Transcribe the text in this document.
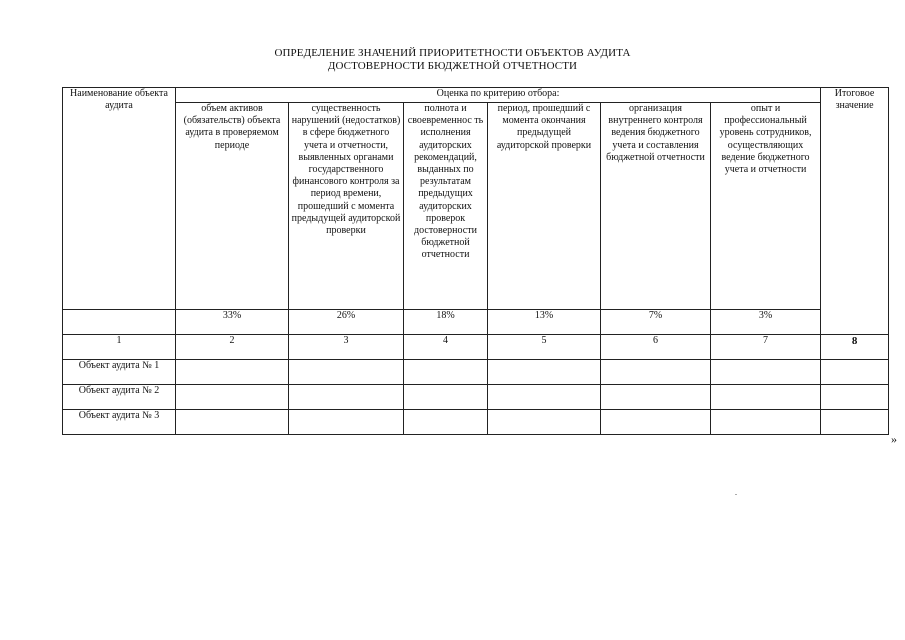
ОПРЕДЕЛЕНИЕ ЗНАЧЕНИЙ ПРИОРИТЕТНОСТИ ОБЪЕКТОВ АУДИТА
ДОСТОВЕРНОСТИ БЮДЖЕТНОЙ ОТЧЕТНОСТИ
Наименование объекта аудита	Оценка по критерию отбора:						Итоговое значение
	объем активов (обязательств) объекта аудита в проверяемом периоде	существенность нарушений (недостатков) в сфере бюджетного учета и отчетности, выявленных органами государственного финансового контроля за период времени, прошедший с момента предыдущей аудиторской проверки	полнота и своевременнос ть исполнения аудиторских рекомендаций, выданных по результатам предыдущих аудиторских проверок достоверности бюджетной отчетности	период, прошедший с момента окончания предыдущей аудиторской проверки	организация внутреннего контроля ведения бюджетного учета и составления бюджетной отчетности	опыт и профессиональный уровень сотрудников, осуществляющих ведение бюджетного учета и отчетности	
	33%	26%	18%	13%	7%	3%	
1	2	3	4	5	6	7	8
Объект аудита № 1							
Объект аудита № 2							
Объект аудита № 3							
»
